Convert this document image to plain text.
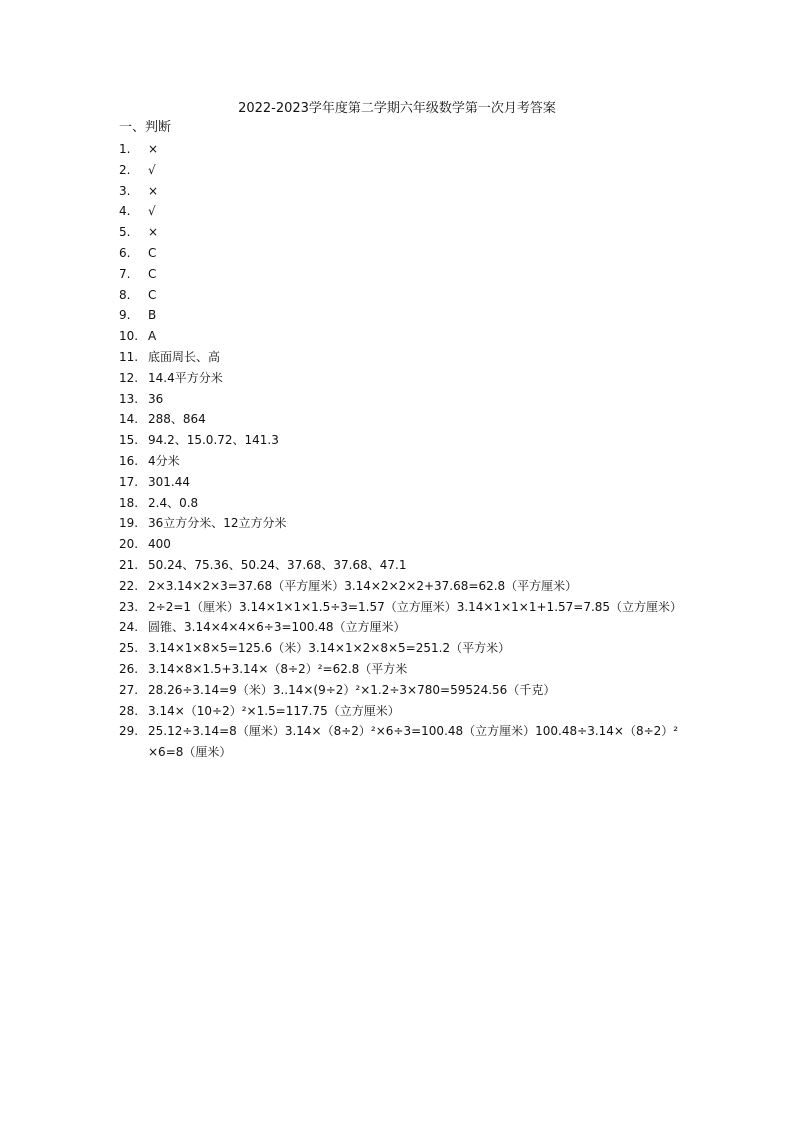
2022-2023学年度第二学期六年级数学第一次月考答案
一、判断
1.	×
2.	√
3.	×
4.	√
5.	×
6.	C
7.	C
8.	C
9.	B
10. A
11. 底面周长、高
12. 14.4平方分米
13. 36
14. 288、864
15. 94.2、15.0.72、141.3
16. 4分米
17. 301.44
18. 2.4、0.8
19. 36立方分米、12立方分米
20. 400
21. 50.24、75.36、50.24、37.68、37.68、47.1
22. 2×3.14×2×3=37.68（平方厘米）3.14×2×2×2+37.68=62.8（平方厘米）
23. 2÷2=1（厘米）3.14×1×1×1.5÷3=1.57（立方厘米）3.14×1×1×1+1.57=7.85（立方厘米）
24. 圆锥、3.14×4×4×6÷3=100.48（立方厘米）
25. 3.14×1×8×5=125.6（米）3.14×1×2×8×5=251.2（平方米）
26. 3.14×8×1.5+3.14×（8÷2）²=62.8（平方米
27. 28.26÷3.14=9（米）3..14×(9÷2）²×1.2÷3×780=59524.56（千克）
28. 3.14×（10÷2）²×1.5=117.75（立方厘米）
29. 25.12÷3.14=8（厘米）3.14×（8÷2）²×6÷3=100.48（立方厘米）100.48÷3.14×（8÷2）²×6=8（厘米）
